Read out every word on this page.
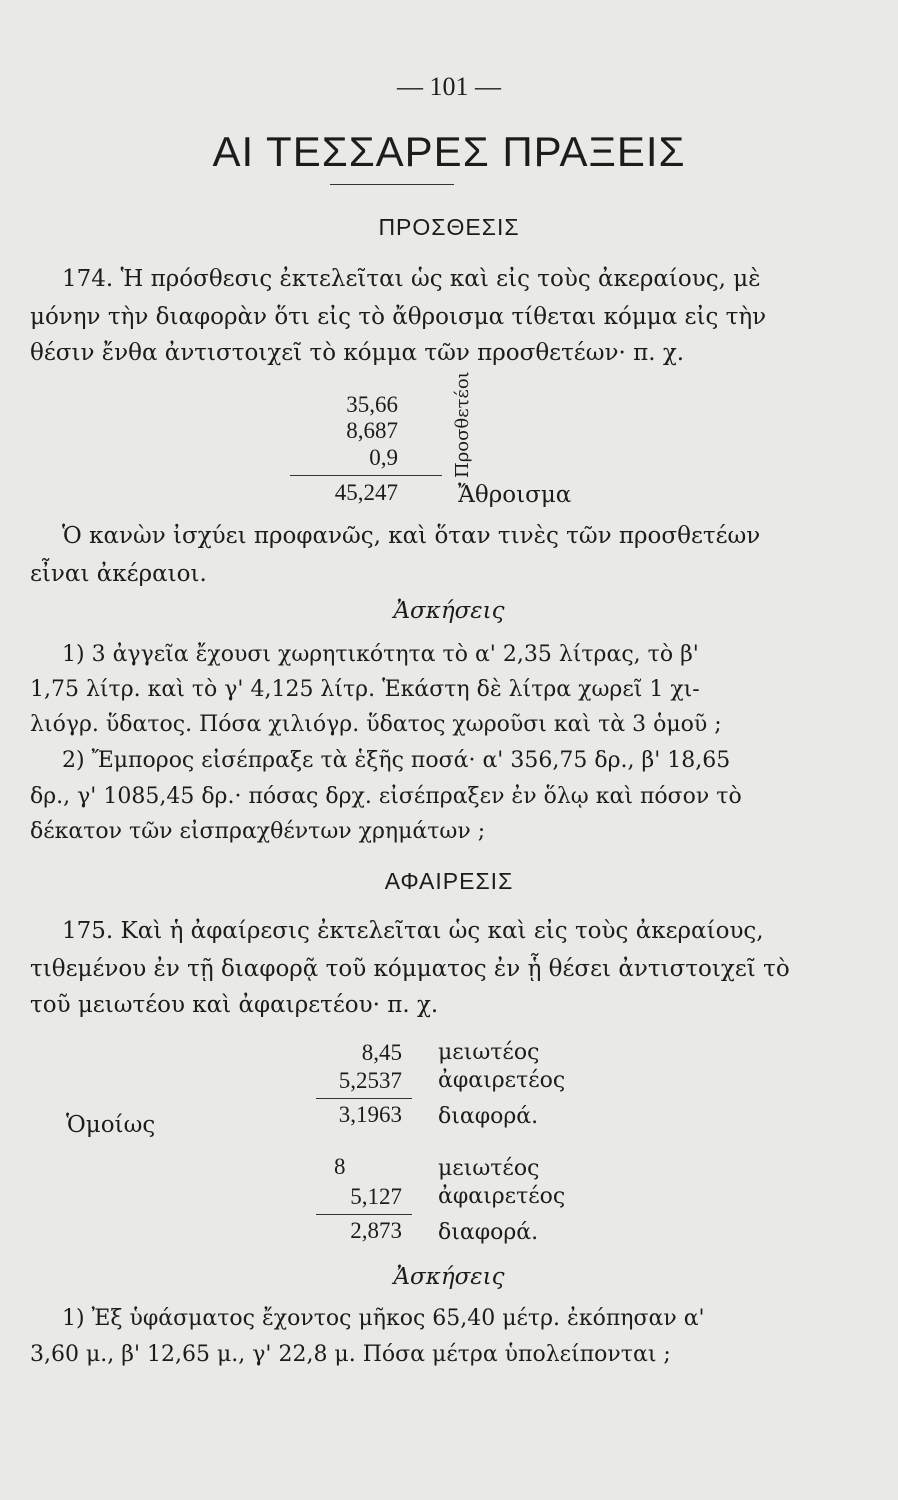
— 101 —
ΑΙ ΤΕΣΣΑΡΕΣ ΠΡΑΞΕΙΣ
ΠΡΟΣΘΕΣΙΣ
174. Ἡ πρόσθεσις ἐκτελεῖται ὡς καὶ εἰς τοὺς ἀκεραίους, μὲ
μόνην τὴν διαφορὰν ὅτι εἰς τὸ ἄθροισμα τίθεται κόμμα εἰς τὴν
θέσιν ἔνθα ἀντιστοιχεῖ τὸ κόμμα τῶν προσθετέων· π. χ.
35,66
8,687
0,9
45,247
Προσθετέοι
Ἄθροισμα
Ὁ κανὼν ἰσχύει προφανῶς, καὶ ὅταν τινὲς τῶν προσθετέων
εἶναι ἀκέραιοι.
Ἀσκήσεις
1) 3 ἀγγεῖα ἔχουσι χωρητικότητα τὸ α' 2,35 λίτρας, τὸ β'
1,75 λίτρ. καὶ τὸ γ' 4,125 λίτρ. Ἑκάστη δὲ λίτρα χωρεῖ 1 χι-
λιόγρ. ὕδατος. Πόσα χιλιόγρ. ὕδατος χωροῦσι καὶ τὰ 3 ὁμοῦ ;
2) Ἔμπορος εἰσέπραξε τὰ ἑξῆς ποσά· α' 356,75 δρ., β' 18,65
δρ., γ' 1085,45 δρ.· πόσας δρχ. εἰσέπραξεν ἐν ὅλῳ καὶ πόσον τὸ
δέκατον τῶν εἰσπραχθέντων χρημάτων ;
ΑΦΑΙΡΕΣΙΣ
175. Καὶ ἡ ἀφαίρεσις ἐκτελεῖται ὡς καὶ εἰς τοὺς ἀκεραίους,
τιθεμένου ἐν τῇ διαφορᾷ τοῦ κόμματος ἐν ᾗ θέσει ἀντιστοιχεῖ τὸ
τοῦ μειωτέου καὶ ἀφαιρετέου· π. χ.
8,45 μειωτέος
5,2537 ἀφαιρετέος
3,1963 διαφορά.
Ὁμοίως
8	μειωτέος
5,127 ἀφαιρετέος
2,873 διαφορά.
Ἀσκήσεις
1) Ἐξ ὑφάσματος ἔχοντος μῆκος 65,40 μέτρ. ἐκόπησαν α'
3,60 μ., β' 12,65 μ., γ' 22,8 μ. Πόσα μέτρα ὑπολείπονται ;
